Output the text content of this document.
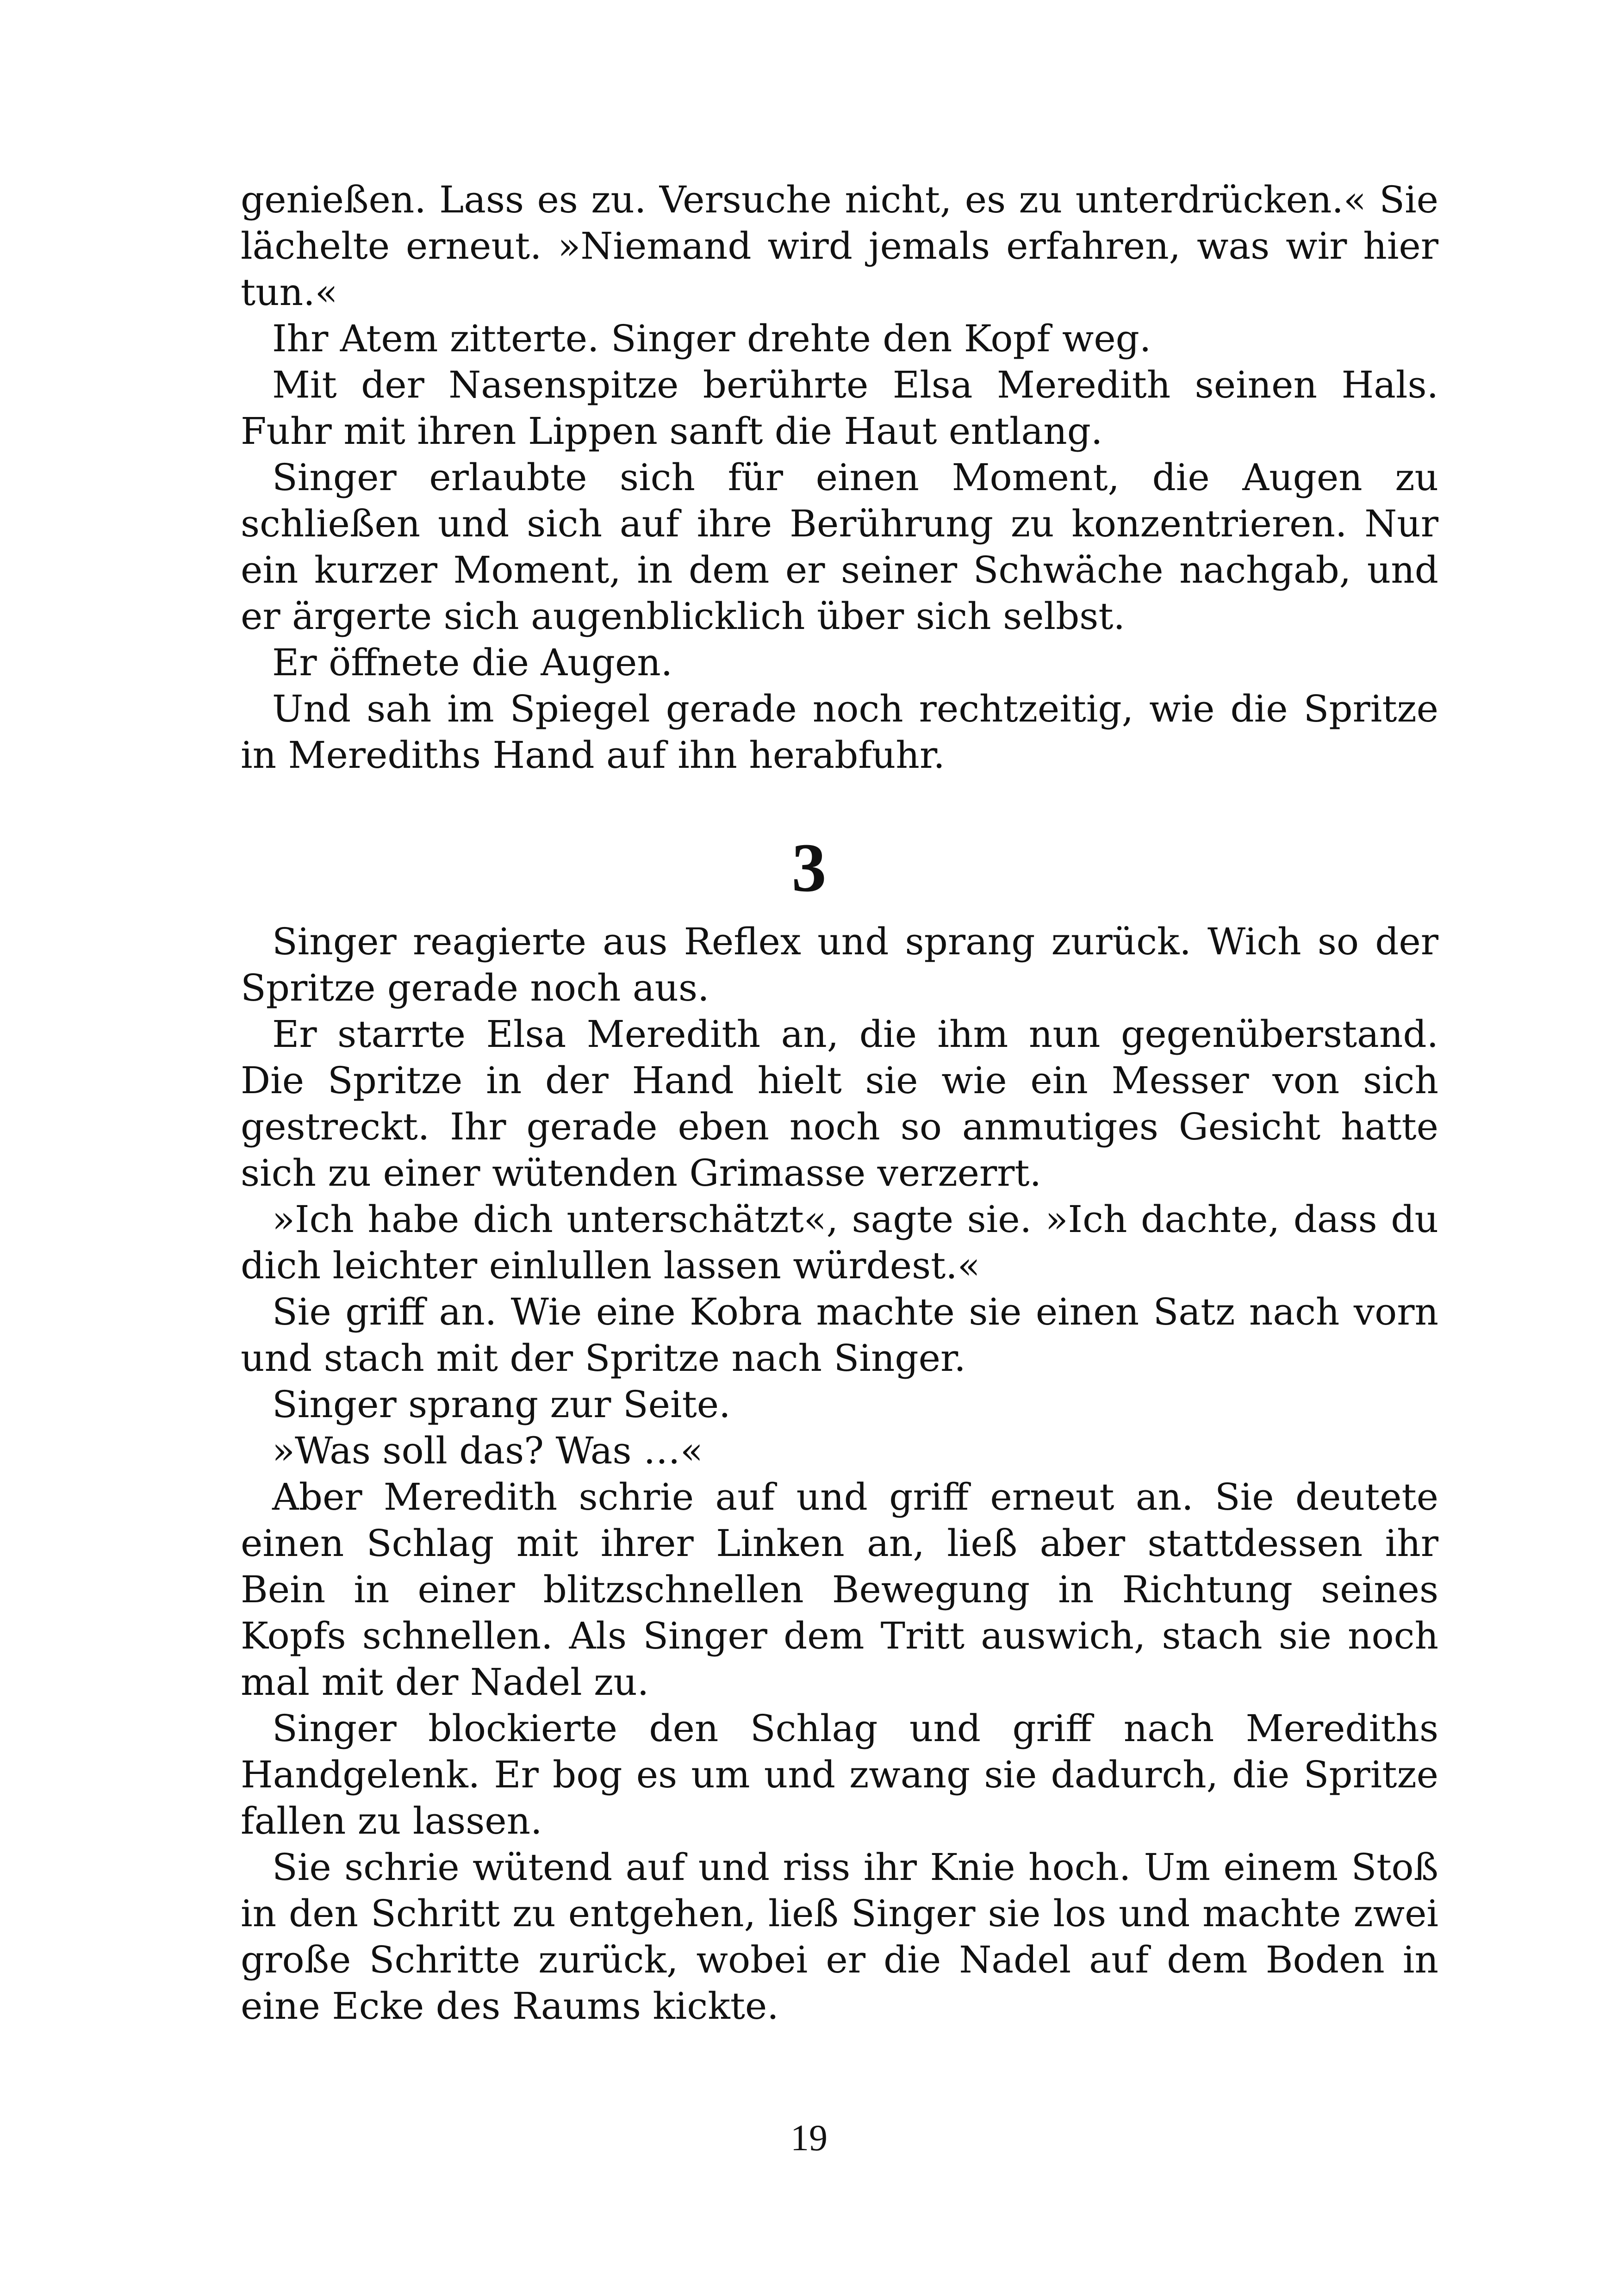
genießen. Lass es zu. Versuche nicht, es zu unterdrücken.« Sie lächelte erneut. »Niemand wird jemals erfahren, was wir hier tun.«

Ihr Atem zitterte. Singer drehte den Kopf weg.

Mit der Nasenspitze berührte Elsa Meredith seinen Hals. Fuhr mit ihren Lippen sanft die Haut entlang.

Singer erlaubte sich für einen Moment, die Augen zu schließen und sich auf ihre Berührung zu konzentrieren. Nur ein kurzer Moment, in dem er seiner Schwäche nachgab, und er ärgerte sich augenblicklich über sich selbst.

Er öffnete die Augen.

Und sah im Spiegel gerade noch rechtzeitig, wie die Spritze in Merediths Hand auf ihn herabfuhr.

3

Singer reagierte aus Reflex und sprang zurück. Wich so der Spritze gerade noch aus.

Er starrte Elsa Meredith an, die ihm nun gegenüberstand. Die Spritze in der Hand hielt sie wie ein Messer von sich gestreckt. Ihr gerade eben noch so anmutiges Gesicht hatte sich zu einer wütenden Grimasse verzerrt.

»Ich habe dich unterschätzt«, sagte sie. »Ich dachte, dass du dich leichter einlullen lassen würdest.«

Sie griff an. Wie eine Kobra machte sie einen Satz nach vorn und stach mit der Spritze nach Singer.

Singer sprang zur Seite.

»Was soll das? Was …«

Aber Meredith schrie auf und griff erneut an. Sie deutete einen Schlag mit ihrer Linken an, ließ aber stattdessen ihr Bein in einer blitzschnellen Bewegung in Richtung seines Kopfs schnellen. Als Singer dem Tritt auswich, stach sie noch mal mit der Nadel zu.

Singer blockierte den Schlag und griff nach Merediths Handgelenk. Er bog es um und zwang sie dadurch, die Spritze fallen zu lassen.

Sie schrie wütend auf und riss ihr Knie hoch. Um einem Stoß in den Schritt zu entgehen, ließ Singer sie los und machte zwei große Schritte zurück, wobei er die Nadel auf dem Boden in eine Ecke des Raums kickte.

19
